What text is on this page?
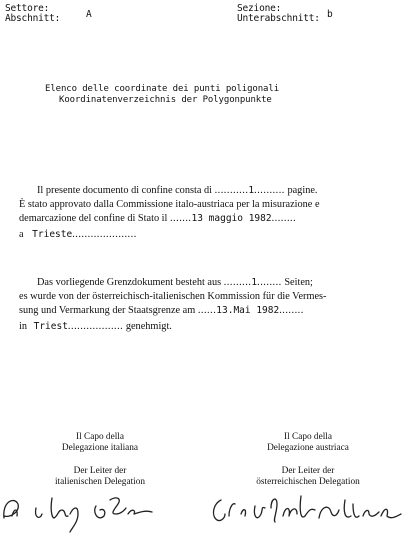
Settore:
Abschnitt:	A
Sezione:
Unterabschnitt: b
Elenco delle coordinate dei punti poligonali
Koordinatenverzeichnis der Polygonpunkte
Il presente documento di confine consta di ...........1.......... pagine.
È stato approvato dalla Commissione italo-austriaca per la misurazione e
demarcazione del confine di Stato il .......13 maggio 1982........
a Trieste.....................
Das vorliegende Grenzdokument besteht aus .........1........ Seiten;
es wurde von der österreichisch-italienischen Kommission für die Vermes-
sung und Vermarkung der Staatsgrenze am ......13.Mai 1982........
in Triest.................. genehmigt.
Il Capo della
Delegazione italiana
Der Leiter der
italienischen Delegation
Il Capo della
Delegazione austriaca
Der Leiter der
österreichischen Delegation
